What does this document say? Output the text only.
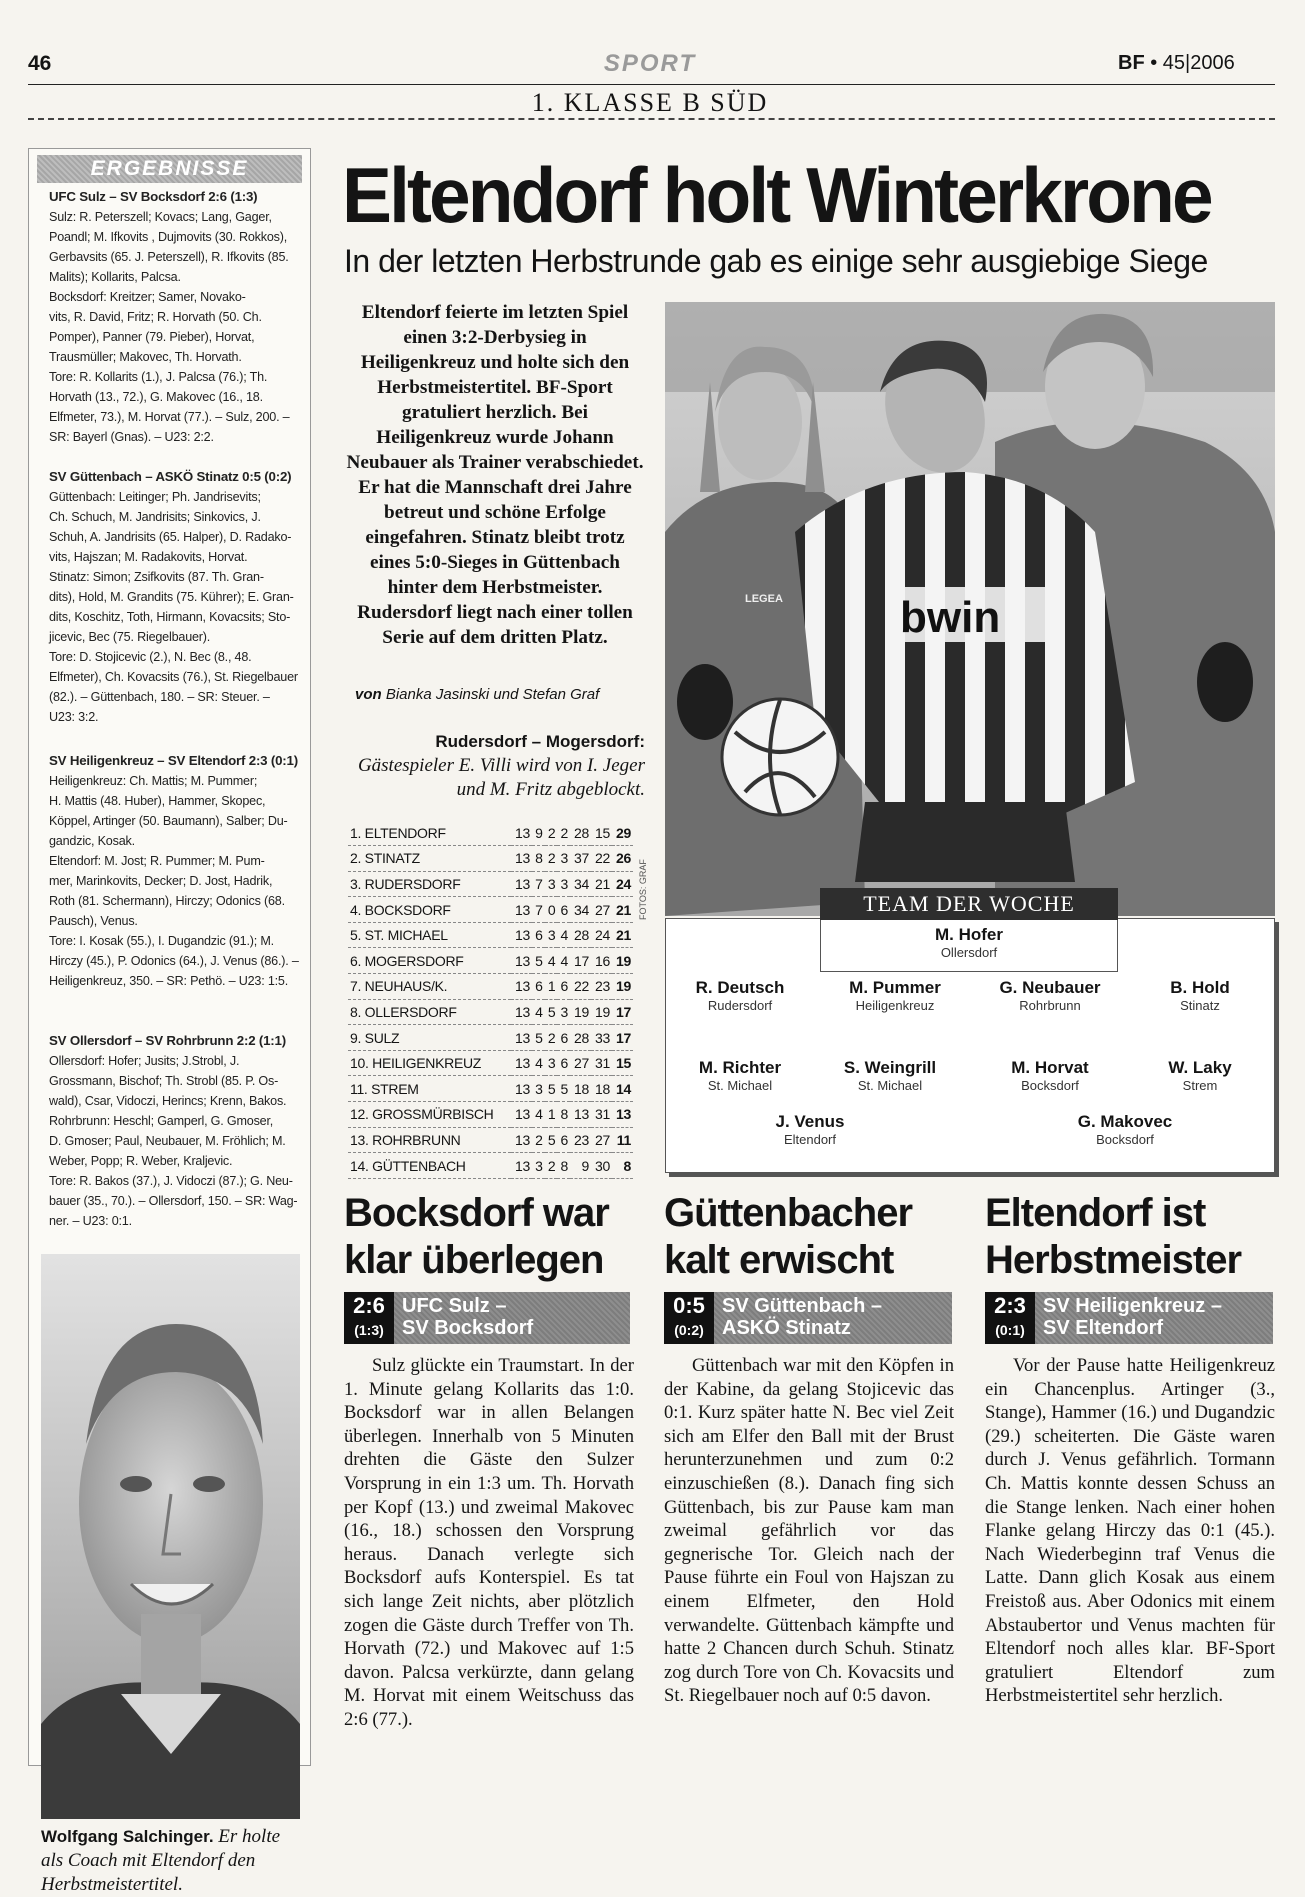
46	SPORT	BF • 45|2006
1. KLASSE B SÜD
ERGEBNISSE
UFC Sulz – SV Bocksdorf 2:6 (1:3)
Sulz: R. Peterszell; Kovacs; Lang, Gager,
Poandl; M. Ifkovits , Dujmovits (30. Rokkos),
Gerbavsits (65. J. Peterszell), R. Ifkovits (85.
Malits); Kollarits, Palcsa.
Bocksdorf: Kreitzer; Samer, Novako-
vits, R. David, Fritz; R. Horvath (50. Ch.
Pomper), Panner (79. Pieber), Horvat,
Trausmüller; Makovec, Th. Horvath.
Tore: R. Kollarits (1.), J. Palcsa (76.); Th.
Horvath (13., 72.), G. Makovec (16., 18.
Elfmeter, 73.), M. Horvat (77.). – Sulz, 200. –
SR: Bayerl (Gnas). – U23: 2:2.
SV Güttenbach – ASKÖ Stinatz 0:5 (0:2)
Güttenbach: Leitinger; Ph. Jandrisevits;
Ch. Schuch, M. Jandrisits; Sinkovics, J.
Schuh, A. Jandrisits (65. Halper), D. Radako-
vits, Hajszan; M. Radakovits, Horvat.
Stinatz: Simon; Zsifkovits (87. Th. Gran-
dits), Hold, M. Grandits (75. Kührer); E. Gran-
dits, Koschitz, Toth, Hirmann, Kovacsits; Sto-
jicevic, Bec (75. Riegelbauer).
Tore: D. Stojicevic (2.), N. Bec (8., 48.
Elfmeter), Ch. Kovacsits (76.), St. Riegelbauer
(82.). – Güttenbach, 180. – SR: Steuer. –
U23: 3:2.
SV Heiligenkreuz – SV Eltendorf 2:3 (0:1)
Heiligenkreuz: Ch. Mattis; M. Pummer;
H. Mattis (48. Huber), Hammer, Skopec,
Köppel, Artinger (50. Baumann), Salber; Du-
gandzic, Kosak.
Eltendorf: M. Jost; R. Pummer; M. Pum-
mer, Marinkovits, Decker; D. Jost, Hadrik,
Roth (81. Schermann), Hirczy; Odonics (68.
Pausch), Venus.
Tore: I. Kosak (55.), I. Dugandzic (91.); M.
Hirczy (45.), P. Odonics (64.), J. Venus (86.). –
Heiligenkreuz, 350. – SR: Pethö. – U23: 1:5.
SV Ollersdorf – SV Rohrbrunn 2:2 (1:1)
Ollersdorf: Hofer; Jusits; J.Strobl, J.
Grossmann, Bischof; Th. Strobl (85. P. Os-
wald), Csar, Vidoczi, Herincs; Krenn, Bakos.
Rohrbrunn: Heschl; Gamperl, G. Gmoser,
D. Gmoser; Paul, Neubauer, M. Fröhlich; M.
Weber, Popp; R. Weber, Kraljevic.
Tore: R. Bakos (37.), J. Vidoczi (87.); G. Neu-
bauer (35., 70.). – Ollersdorf, 150. – SR: Wag-
ner. – U23: 0:1.
Wolfgang Salchinger. Er holte als Coach mit Eltendorf den Herbstmeistertitel.
Eltendorf holt Winterkrone
In der letzten Herbstrunde gab es einige sehr ausgiebige Siege
Eltendorf feierte im letzten Spiel einen 3:2-Derbysieg in Heiligenkreuz und holte sich den Herbstmeistertitel. BF-Sport gratuliert herzlich. Bei Heiligenkreuz wurde Johann Neubauer als Trainer verabschiedet. Er hat die Mannschaft drei Jahre betreut und schöne Erfolge eingefahren. Stinatz bleibt trotz eines 5:0-Sieges in Güttenbach hinter dem Herbstmeister. Rudersdorf liegt nach einer tollen Serie auf dem dritten Platz.
von Bianka Jasinski und Stefan Graf
Rudersdorf – Mogersdorf: Gästespieler E. Villi wird von I. Jeger und M. Fritz abgeblockt.
1. ELTENDORF	13	9	2	2	28	15	29
2. STINATZ	13	8	2	3	37	22	26
3. RUDERSDORF	13	7	3	3	34	21	24
4. BOCKSDORF	13	7	0	6	34	27	21
5. ST. MICHAEL	13	6	3	4	28	24	21
6. MOGERSDORF	13	5	4	4	17	16	19
7. NEUHAUS/K.	13	6	1	6	22	23	19
8. OLLERSDORF	13	4	5	3	19	19	17
9. SULZ	13	5	2	6	28	33	17
10. HEILIGENKREUZ	13	4	3	6	27	31	15
11. STREM	13	3	5	5	18	18	14
12. GROSSMÜRBISCH	13	4	1	8	13	31	13
13. ROHRBRUNN	13	2	5	6	23	27	11
14. GÜTTENBACH	13	3	2	8	9	30	8
FOTOS: GRAF
bwin
LEGEA
TEAM DER WOCHE
M. Hofer
Ollersdorf
R. Deutsch
Rudersdorf
M. Pummer
Heiligenkreuz
G. Neubauer
Rohrbrunn
B. Hold
Stinatz
M. Richter
St. Michael
S. Weingrill
St. Michael
M. Horvat
Bocksdorf
W. Laky
Strem
J. Venus
Eltendorf
G. Makovec
Bocksdorf
Bocksdorf war klar überlegen
2:6
(1:3)
UFC Sulz –
SV Bocksdorf
Sulz glückte ein Traumstart. In der 1. Minute gelang Kollarits das 1:0. Bocksdorf war in allen Belangen überlegen. Innerhalb von 5 Minuten drehten die Gäste den Sulzer Vorsprung in ein 1:3 um. Th. Horvath per Kopf (13.) und zweimal Makovec (16., 18.) schossen den Vorsprung heraus. Danach verlegte sich Bocksdorf aufs Konterspiel. Es tat sich lange Zeit nichts, aber plötzlich zogen die Gäste durch Treffer von Th. Horvath (72.) und Makovec auf 1:5 davon. Palcsa verkürzte, dann gelang M. Horvat mit einem Weitschuss das 2:6 (77.).
Güttenbacher kalt erwischt
0:5
(0:2)
SV Güttenbach –
ASKÖ Stinatz
Güttenbach war mit den Köpfen in der Kabine, da gelang Stojicevic das 0:1. Kurz später hatte N. Bec viel Zeit sich am Elfer den Ball mit der Brust herunterzunehmen und zum 0:2 einzuschießen (8.). Danach fing sich Güttenbach, bis zur Pause kam man zweimal gefährlich vor das gegnerische Tor. Gleich nach der Pause führte ein Foul von Hajszan zu einem Elfmeter, den Hold verwandelte. Güttenbach kämpfte und hatte 2 Chancen durch Schuh. Stinatz zog durch Tore von Ch. Kovacsits und St. Riegelbauer noch auf 0:5 davon.
Eltendorf ist Herbstmeister
2:3
(0:1)
SV Heiligenkreuz –
SV Eltendorf
Vor der Pause hatte Heiligenkreuz ein Chancenplus. Artinger (3., Stange), Hammer (16.) und Dugandzic (29.) scheiterten. Die Gäste waren durch J. Venus gefährlich. Tormann Ch. Mattis konnte dessen Schuss an die Stange lenken. Nach einer hohen Flanke gelang Hirczy das 0:1 (45.). Nach Wiederbeginn traf Venus die Latte. Dann glich Kosak aus einem Freistoß aus. Aber Odonics mit einem Abstaubertor und Venus machten für Eltendorf noch alles klar. BF-Sport gratuliert Eltendorf zum Herbstmeistertitel sehr herzlich.
